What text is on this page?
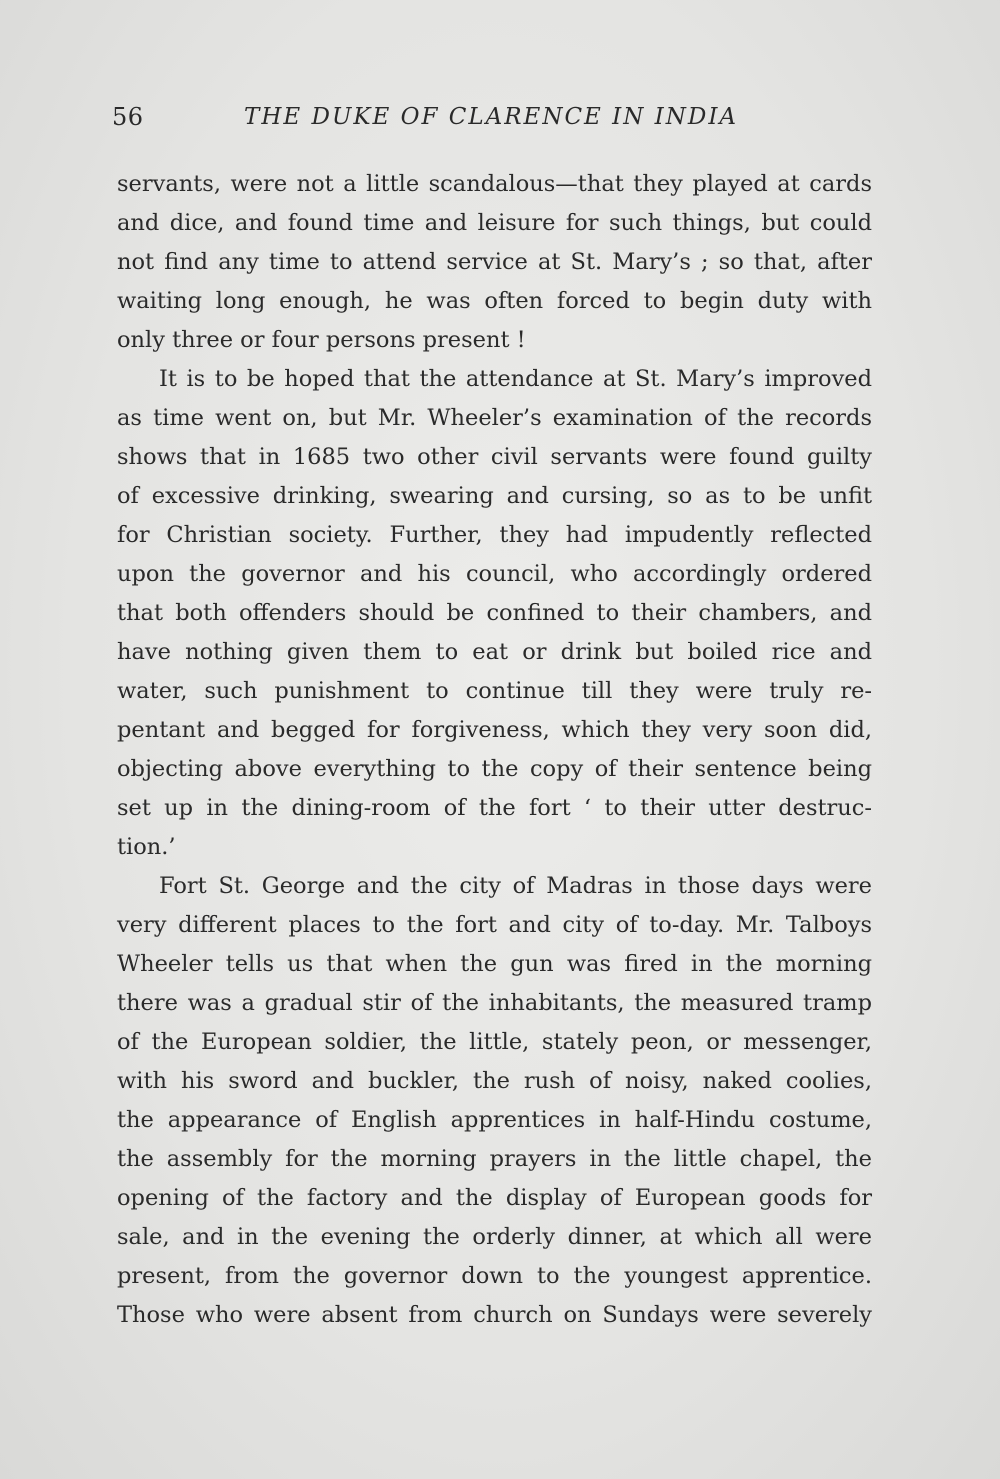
56	THE DUKE OF CLARENCE IN INDIA

servants, were not a little scandalous—that they played at cards
and dice, and found time and leisure for such things, but could
not find any time to attend service at St. Mary’s ; so that, after
waiting long enough, he was often forced to begin duty with
only three or four persons present !

It is to be hoped that the attendance at St. Mary’s improved
as time went on, but Mr. Wheeler’s examination of the records
shows that in 1685 two other civil servants were found guilty
of excessive drinking, swearing and cursing, so as to be unfit
for Christian society. Further, they had impudently reflected
upon the governor and his council, who accordingly ordered
that both offenders should be confined to their chambers, and
have nothing given them to eat or drink but boiled rice and
water, such punishment to continue till they were truly re-
pentant and begged for forgiveness, which they very soon did,
objecting above everything to the copy of their sentence being
set up in the dining-room of the fort ‘ to their utter destruc-
tion.’

Fort St. George and the city of Madras in those days were
very different places to the fort and city of to-day. Mr. Talboys
Wheeler tells us that when the gun was fired in the morning
there was a gradual stir of the inhabitants, the measured tramp
of the European soldier, the little, stately peon, or messenger,
with his sword and buckler, the rush of noisy, naked coolies,
the appearance of English apprentices in half-Hindu costume,
the assembly for the morning prayers in the little chapel, the
opening of the factory and the display of European goods for
sale, and in the evening the orderly dinner, at which all were
present, from the governor down to the youngest apprentice.
Those who were absent from church on Sundays were severely
